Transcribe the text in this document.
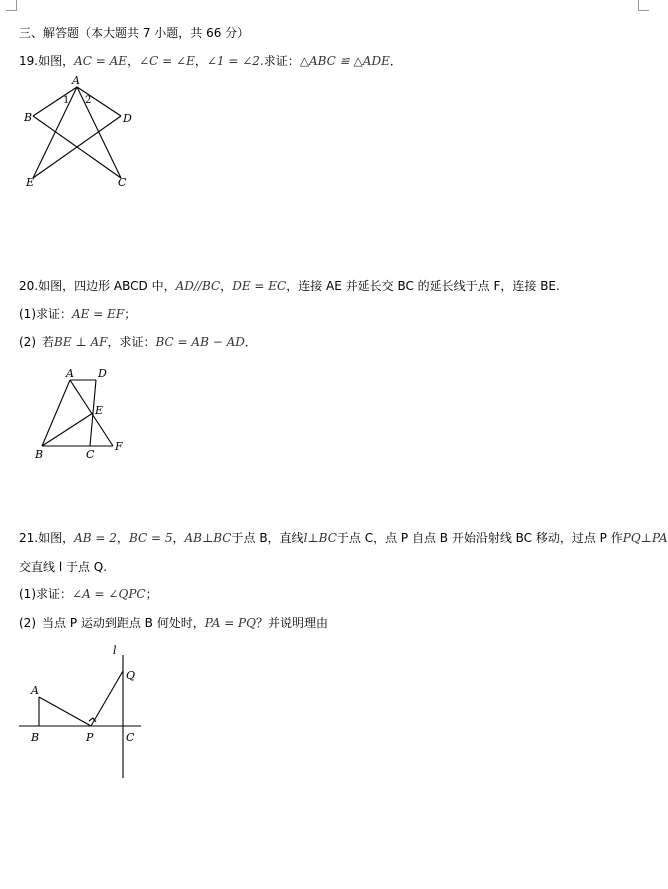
三、解答题（本大题共 7 小题，共 66 分）
19.如图，AC = AE，∠C = ∠E，∠1 = ∠2.求证：△ABC ≌ △ADE．
A
B	D
E	C
1 2
20.如图，四边形 ABCD 中，AD//BC，DE = EC，连接 AE 并延长交 BC 的延长线于点 F，连接 BE.
(1)求证：AE = EF；
(2) 若BE ⊥ AF，求证：BC = AB − AD．
A D
E
B	C
F
21.如图，AB = 2，BC = 5，AB⊥BC于点 B，直线l⊥BC于点 C，点 P 自点 B 开始沿射线 BC 移动，过点 P 作PQ⊥PA
交直线 l 于点 Q.
(1)求证：∠A = ∠QPC；
(2) 当点 P 运动到距点 B 何处时，PA = PQ？并说明理由
l
Q
A
B	P	C
